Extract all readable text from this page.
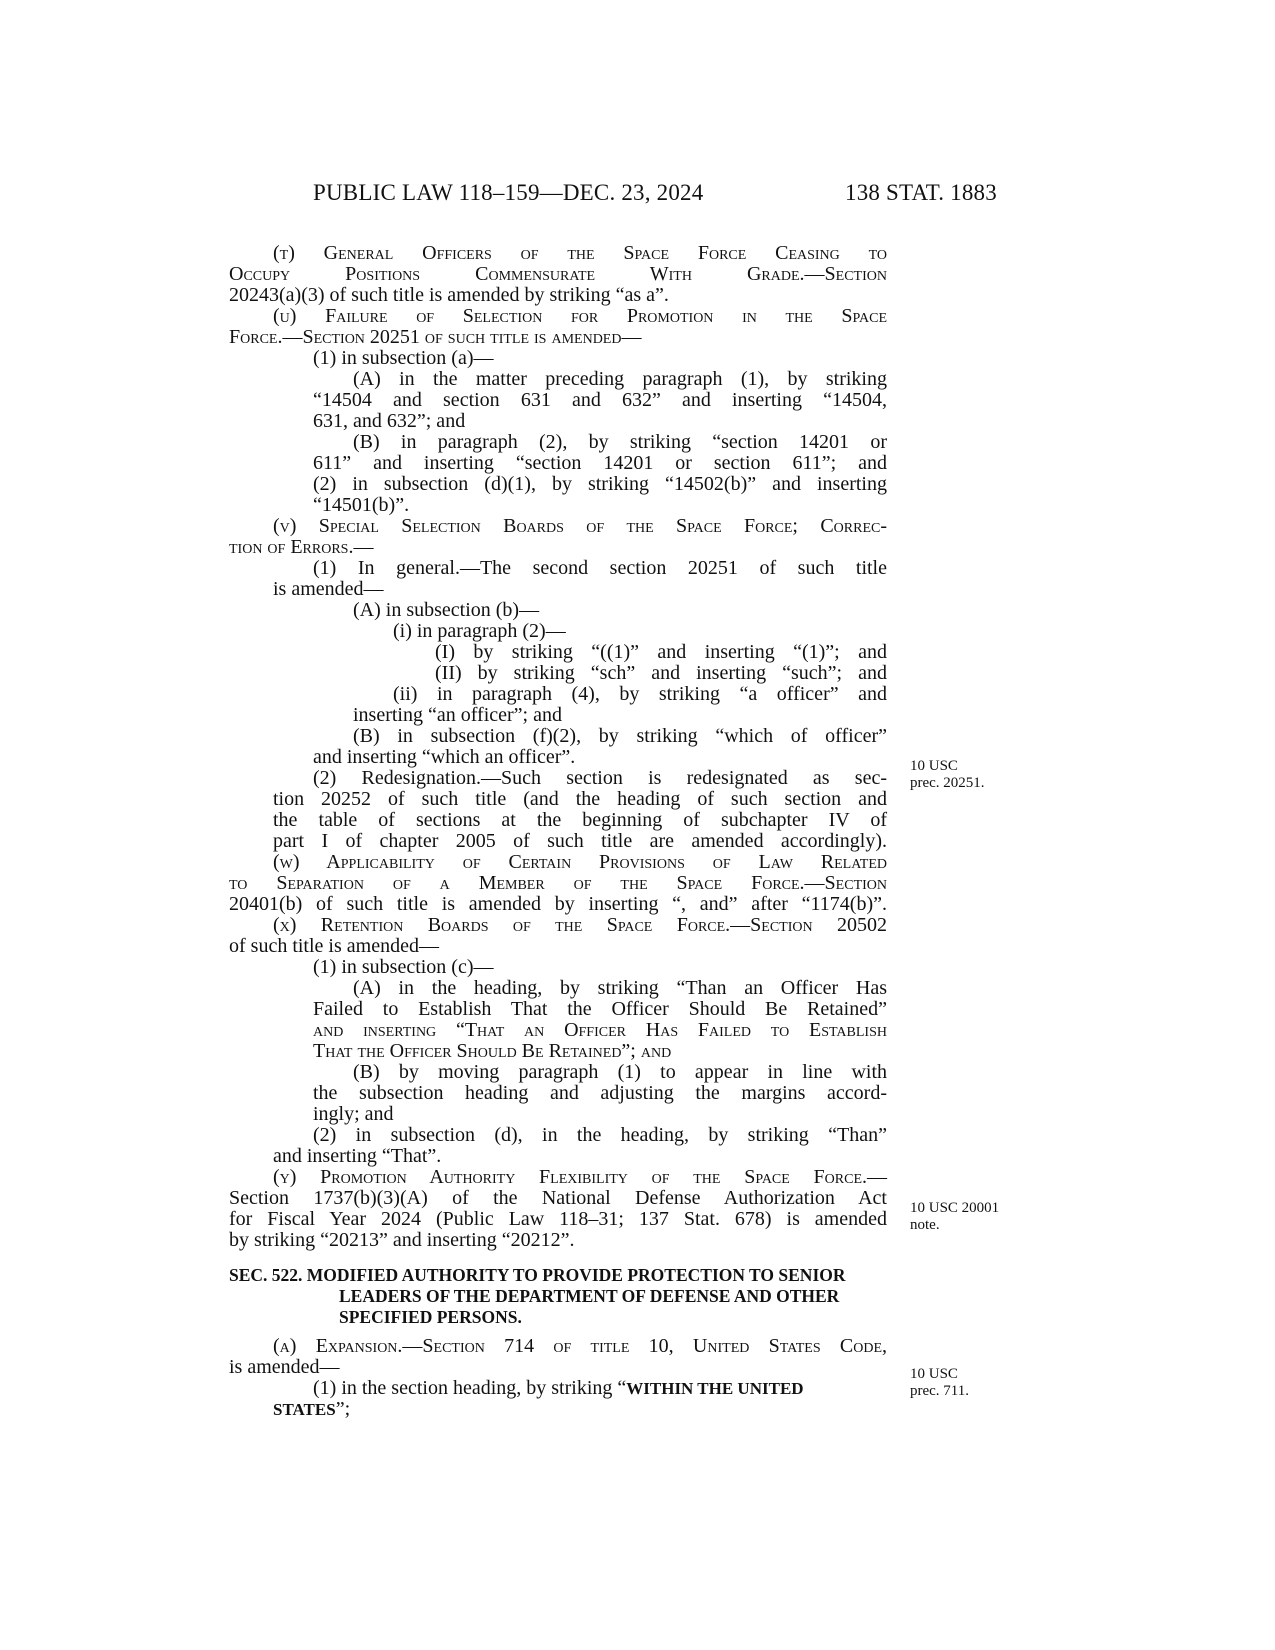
PUBLIC LAW 118–159—DEC. 23, 2024	138 STAT. 1883
(t) General Officers of the Space Force Ceasing to
Occupy Positions Commensurate With Grade.—Section
20243(a)(3) of such title is amended by striking “as a”.
(u) Failure of Selection for Promotion in the Space
Force.—Section 20251 of such title is amended—
(1) in subsection (a)—
(A) in the matter preceding paragraph (1), by striking
“14504 and section 631 and 632” and inserting “14504,
631, and 632”; and
(B) in paragraph (2), by striking “section 14201 or
611” and inserting “section 14201 or section 611”; and
(2) in subsection (d)(1), by striking “14502(b)” and inserting
“14501(b)”.
(v) Special Selection Boards of the Space Force; Correc-
tion of Errors.—
(1) In general.—The second section 20251 of such title
is amended—
(A) in subsection (b)—
(i) in paragraph (2)—
(I) by striking “((1)” and inserting “(1)”; and
(II) by striking “sch” and inserting “such”; and
(ii) in paragraph (4), by striking “a officer” and
inserting “an officer”; and
(B) in subsection (f)(2), by striking “which of officer”
and inserting “which an officer”.
(2) Redesignation.—Such section is redesignated as sec-
tion 20252 of such title (and the heading of such section and
the table of sections at the beginning of subchapter IV of
part I of chapter 2005 of such title are amended accordingly).
(w) Applicability of Certain Provisions of Law Related
to Separation of a Member of the Space Force.—Section
20401(b) of such title is amended by inserting “, and” after “1174(b)”.
(x) Retention Boards of the Space Force.—Section 20502
of such title is amended—
(1) in subsection (c)—
(A) in the heading, by striking “Than an Officer Has
Failed to Establish That the Officer Should Be Retained”
and inserting “That an Officer Has Failed to Establish
That the Officer Should Be Retained”; and
(B) by moving paragraph (1) to appear in line with
the subsection heading and adjusting the margins accord-
ingly; and
(2) in subsection (d), in the heading, by striking “Than”
and inserting “That”.
(y) Promotion Authority Flexibility of the Space Force.—
Section 1737(b)(3)(A) of the National Defense Authorization Act
for Fiscal Year 2024 (Public Law 118–31; 137 Stat. 678) is amended
by striking “20213” and inserting “20212”.
SEC. 522. MODIFIED AUTHORITY TO PROVIDE PROTECTION TO SENIOR
LEADERS OF THE DEPARTMENT OF DEFENSE AND OTHER
SPECIFIED PERSONS.
(a) Expansion.—Section 714 of title 10, United States Code,
is amended—
(1) in the section heading, by striking “WITHIN THE UNITED
STATES”;
10 USC
prec. 20251.
10 USC 20001
note.
10 USC
prec. 711.
